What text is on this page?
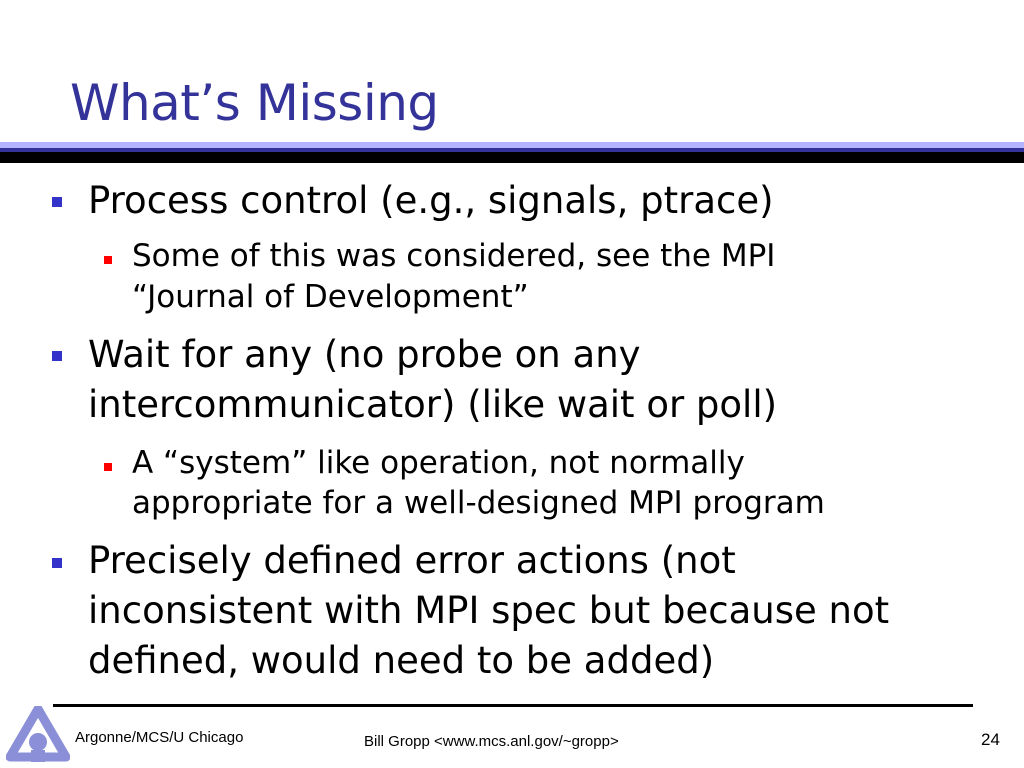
What’s Missing
Process control (e.g., signals, ptrace)
Some of this was considered, see the MPI
“Journal of Development”
Wait for any (no probe on any
intercommunicator) (like wait or poll)
A “system” like operation, not normally
appropriate for a well-designed MPI program
Precisely defined error actions (not
inconsistent with MPI spec but because not
defined, would need to be added)
Argonne/MCS/U Chicago	Bill Gropp <www.mcs.anl.gov/~gropp>	24
